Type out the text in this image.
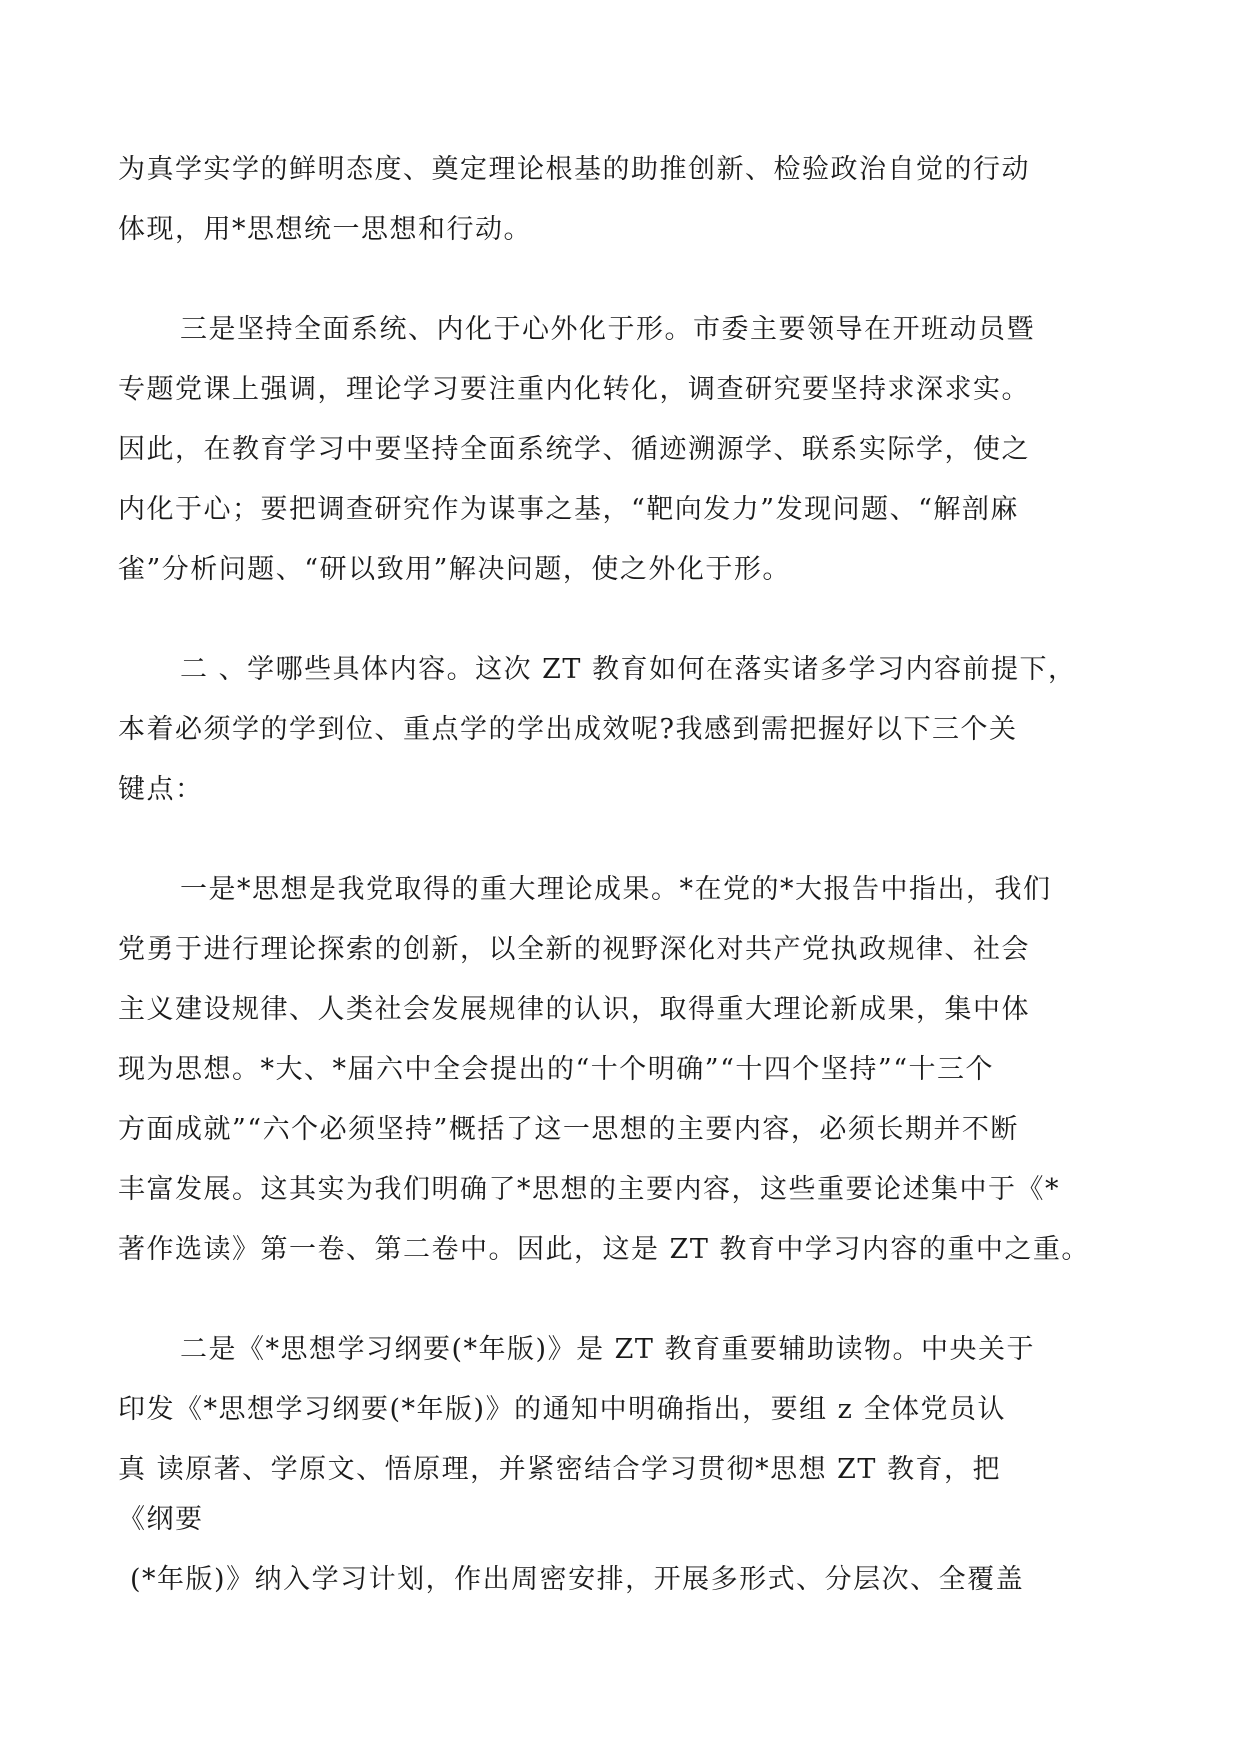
为真学实学的鲜明态度、奠定理论根基的助推创新、检验政治自觉的行动
体现，用*思想统一思想和行动。
三是坚持全面系统、内化于心外化于形。市委主要领导在开班动员暨
专题党课上强调，理论学习要注重内化转化，调查研究要坚持求深求实。
因此，在教育学习中要坚持全面系统学、循迹溯源学、联系实际学，使之
内化于心；要把调查研究作为谋事之基，“靶向发力”发现问题、“解剖麻
雀”分析问题、“研以致用”解决问题，使之外化于形。
二 、学哪些具体内容。这次 ZT 教育如何在落实诸多学习内容前提下，
本着必须学的学到位、重点学的学出成效呢?我感到需把握好以下三个关
键点：
一是*思想是我党取得的重大理论成果。*在党的*大报告中指出，我们
党勇于进行理论探索的创新，以全新的视野深化对共产党执政规律、社会
主义建设规律、人类社会发展规律的认识，取得重大理论新成果，集中体
现为思想。*大、*届六中全会提出的“十个明确”“十四个坚持”“十三个
方面成就”“六个必须坚持”概括了这一思想的主要内容，必须长期并不断
丰富发展。这其实为我们明确了*思想的主要内容，这些重要论述集中于《*
著作选读》第一卷、第二卷中。因此，这是 ZT 教育中学习内容的重中之重。
二是《*思想学习纲要(*年版)》是 ZT 教育重要辅助读物。中央关于
印发《*思想学习纲要(*年版)》的通知中明确指出，要组 z 全体党员认
真 读原著、学原文、悟原理，并紧密结合学习贯彻*思想 ZT 教育，把
《纲要
(*年版)》纳入学习计划，作出周密安排，开展多形式、分层次、全覆盖
